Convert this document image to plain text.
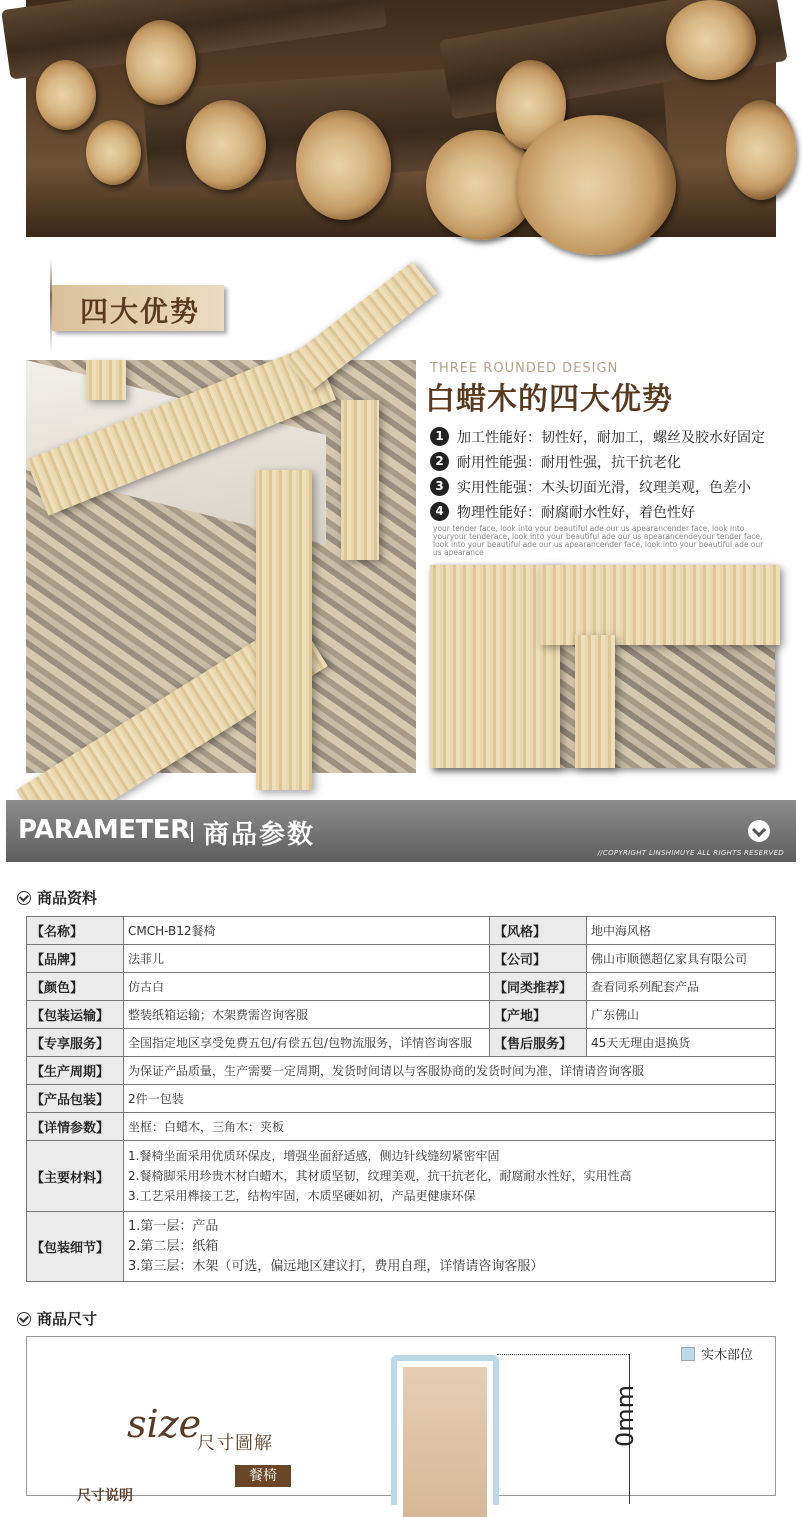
四大优势
THREE ROUNDED DESIGN
白蜡木的四大优势
1 加工性能好：韧性好，耐加工，螺丝及胶水好固定
2 耐用性能强：耐用性强，抗干抗老化
3 实用性能强：木头切面光滑，纹理美观，色差小
4 物理性能好：耐腐耐水性好，着色性好
your tender face, look into your beautiful ade our us apearancender face, look into youryour tenderace, look into your beautiful ade our us apearancendeyour tender face, look into your beautiful ade our us apearancender face, look into your beautiful ade our us apearance
PARAMETER 商品参数
//COPYRIGHT LINSHIMUYE ALL RIGHTS RESERVED
商品资料
【名称】	CMCH-B12餐椅	【风格】	地中海风格
【品牌】	法菲儿	【公司】	佛山市顺德超亿家具有限公司
【颜色】	仿古白	【同类推荐】	查看同系列配套产品
【包装运输】	整装纸箱运输；木架费需咨询客服	【产地】	广东佛山
【专享服务】	全国指定地区享受免费五包/有偿五包/包物流服务，详情咨询客服	【售后服务】	45天无理由退换货
【生产周期】	为保证产品质量，生产需要一定周期，发货时间请以与客服协商的发货时间为准，详情请咨询客服		
【产品包装】	2件一包装		
【详情参数】	坐框：白蜡木，三角木：夹板		
【主要材料】	1.餐椅坐面采用优质环保皮，增强坐面舒适感，侧边针线缝纫紧密牢固
2.餐椅脚采用珍贵木材白蜡木，其材质坚韧，纹理美观，抗干抗老化，耐腐耐水性好，实用性高
3.工艺采用榫接工艺，结构牢固，木质坚硬如初，产品更健康环保		

【包装细节】	1.第一层：产品
2.第二层：纸箱
3.第三层：木架（可选，偏远地区建议打，费用自理，详情请咨询客服）		
商品尺寸
size
尺寸圖解
餐椅
尺寸说明
0mm
实木部位
